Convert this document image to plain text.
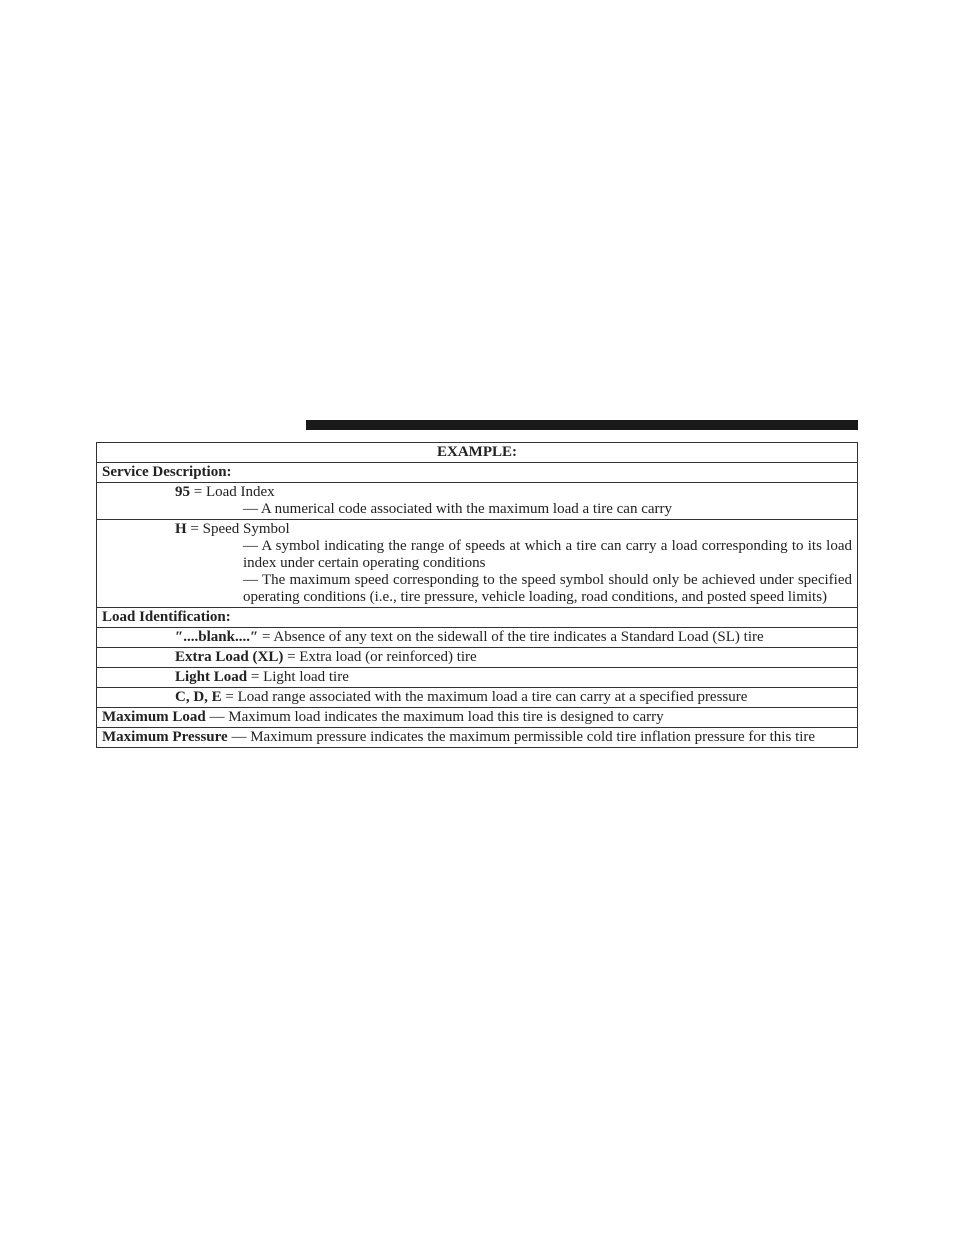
EXAMPLE:
Service Description:
95 = Load Index
— A numerical code associated with the maximum load a tire can carry
H = Speed Symbol
— A symbol indicating the range of speeds at which a tire can carry a load corresponding to its load index under certain operating conditions
— The maximum speed corresponding to the speed symbol should only be achieved under specified operating conditions (i.e., tire pressure, vehicle loading, road conditions, and posted speed limits)
Load Identification:
″....blank....″ = Absence of any text on the sidewall of the tire indicates a Standard Load (SL) tire
Extra Load (XL) = Extra load (or reinforced) tire
Light Load = Light load tire
C, D, E = Load range associated with the maximum load a tire can carry at a specified pressure
Maximum Load — Maximum load indicates the maximum load this tire is designed to carry
Maximum Pressure — Maximum pressure indicates the maximum permissible cold tire inflation pressure for this tire
